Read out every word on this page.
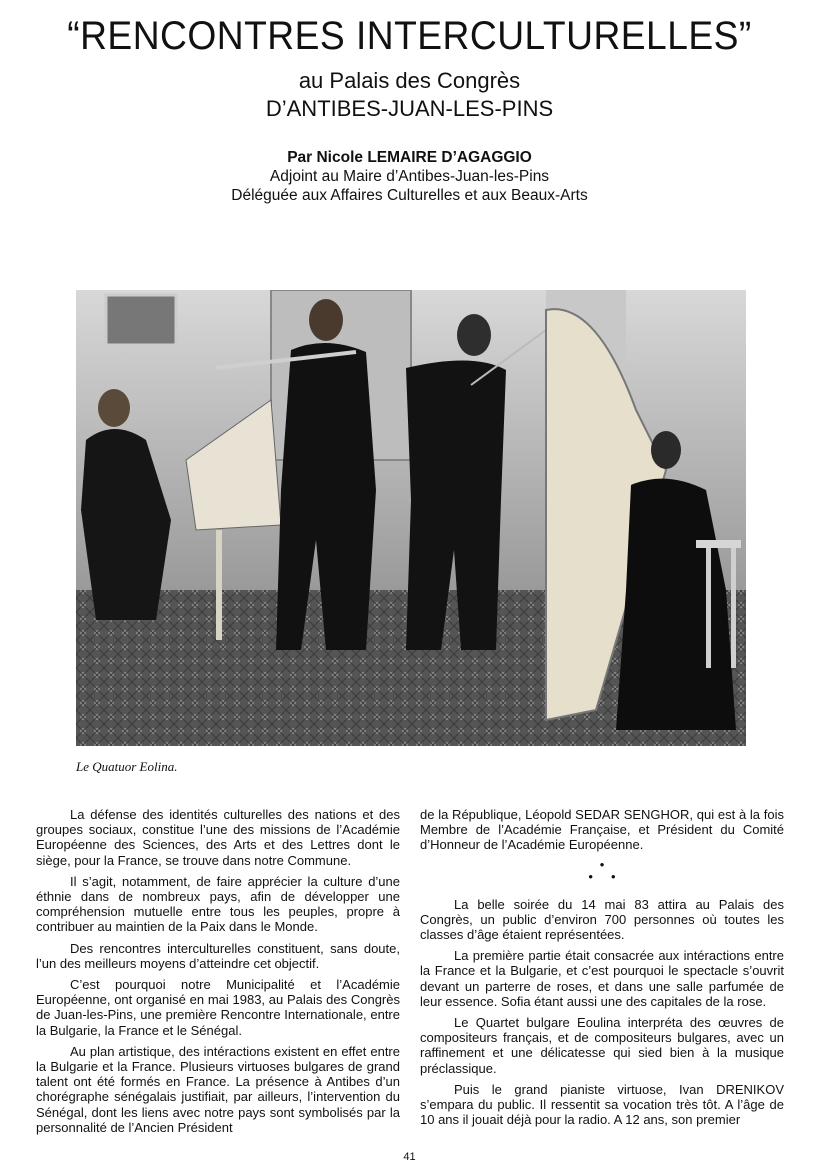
“RENCONTRES INTERCULTURELLES”
au Palais des Congrès
D’ANTIBES-JUAN-LES-PINS
Par Nicole LEMAIRE D’AGAGGIO
Adjoint au Maire d’Antibes-Juan-les-Pins
Déléguée aux Affaires Culturelles et aux Beaux-Arts
Le Quatuor Eolina.

La défense des identités culturelles des nations et des groupes sociaux, constitue l’une des missions de l’Académie Européenne des Sciences, des Arts et des Lettres dont le siège, pour la France, se trouve dans notre Commune.

Il s’agit, notamment, de faire apprécier la culture d’une éthnie dans de nombreux pays, afin de développer une compréhension mutuelle entre tous les peuples, propre à contribuer au maintien de la Paix dans le Monde.

Des rencontres interculturelles constituent, sans doute, l’un des meilleurs moyens d’atteindre cet objectif.

C’est pourquoi notre Municipalité et l’Académie Européenne, ont organisé en mai 1983, au Palais des Congrès de Juan-les-Pins, une première Rencontre Internationale, entre la Bulgarie, la France et le Sénégal.

Au plan artistique, des intéractions existent en effet entre la Bulgarie et la France. Plusieurs virtuoses bulgares de grand talent ont été formés en France. La présence à Antibes d’un chorégraphe sénégalais justifiait, par ailleurs, l’intervention du Sénégal, dont les liens avec notre pays sont symbolisés par la personnalité de l’Ancien Président

de la République, Léopold SEDAR SENGHOR, qui est à la fois Membre de l’Académie Française, et Président du Comité d’Honneur de l’Académie Européenne.

•
•     •

La belle soirée du 14 mai 83 attira au Palais des Congrès, un public d’environ 700 personnes où toutes les classes d’âge étaient représentées.

La première partie était consacrée aux intéractions entre la France et la Bulgarie, et c’est pourquoi le spectacle s’ouvrit devant un parterre de roses, et dans une salle parfumée de leur essence. Sofia étant aussi une des capitales de la rose.

Le Quartet bulgare Eoulina interpréta des œuvres de compositeurs français, et de compositeurs bulgares, avec un raffinement et une délicatesse qui sied bien à la musique préclassique.

Puis le grand pianiste virtuose, Ivan DRENIKOV s’empara du public. Il ressentit sa vocation très tôt. A l’âge de 10 ans il jouait déjà pour la radio. A 12 ans, son premier

41
